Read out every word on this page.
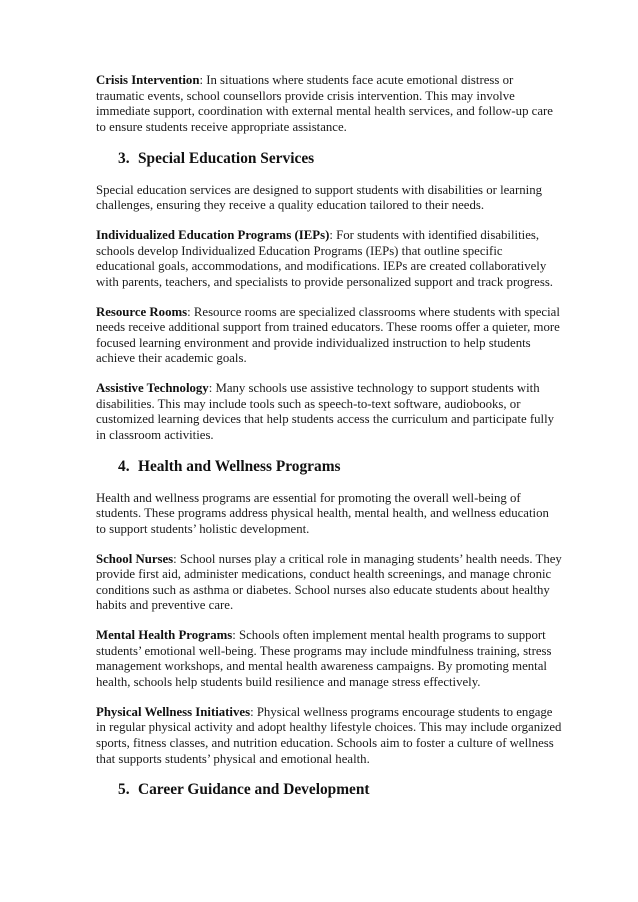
Crisis Intervention: In situations where students face acute emotional distress or traumatic events, school counsellors provide crisis intervention. This may involve immediate support, coordination with external mental health services, and follow-up care to ensure students receive appropriate assistance.

3. Special Education Services

Special education services are designed to support students with disabilities or learning challenges, ensuring they receive a quality education tailored to their needs.

Individualized Education Programs (IEPs): For students with identified disabilities, schools develop Individualized Education Programs (IEPs) that outline specific educational goals, accommodations, and modifications. IEPs are created collaboratively with parents, teachers, and specialists to provide personalized support and track progress.

Resource Rooms: Resource rooms are specialized classrooms where students with special needs receive additional support from trained educators. These rooms offer a quieter, more focused learning environment and provide individualized instruction to help students achieve their academic goals.

Assistive Technology: Many schools use assistive technology to support students with disabilities. This may include tools such as speech-to-text software, audiobooks, or customized learning devices that help students access the curriculum and participate fully in classroom activities.

4. Health and Wellness Programs

Health and wellness programs are essential for promoting the overall well-being of students. These programs address physical health, mental health, and wellness education to support students’ holistic development.

School Nurses: School nurses play a critical role in managing students’ health needs. They provide first aid, administer medications, conduct health screenings, and manage chronic conditions such as asthma or diabetes. School nurses also educate students about healthy habits and preventive care.

Mental Health Programs: Schools often implement mental health programs to support students’ emotional well-being. These programs may include mindfulness training, stress management workshops, and mental health awareness campaigns. By promoting mental health, schools help students build resilience and manage stress effectively.

Physical Wellness Initiatives: Physical wellness programs encourage students to engage in regular physical activity and adopt healthy lifestyle choices. This may include organized sports, fitness classes, and nutrition education. Schools aim to foster a culture of wellness that supports students’ physical and emotional health.

5. Career Guidance and Development
